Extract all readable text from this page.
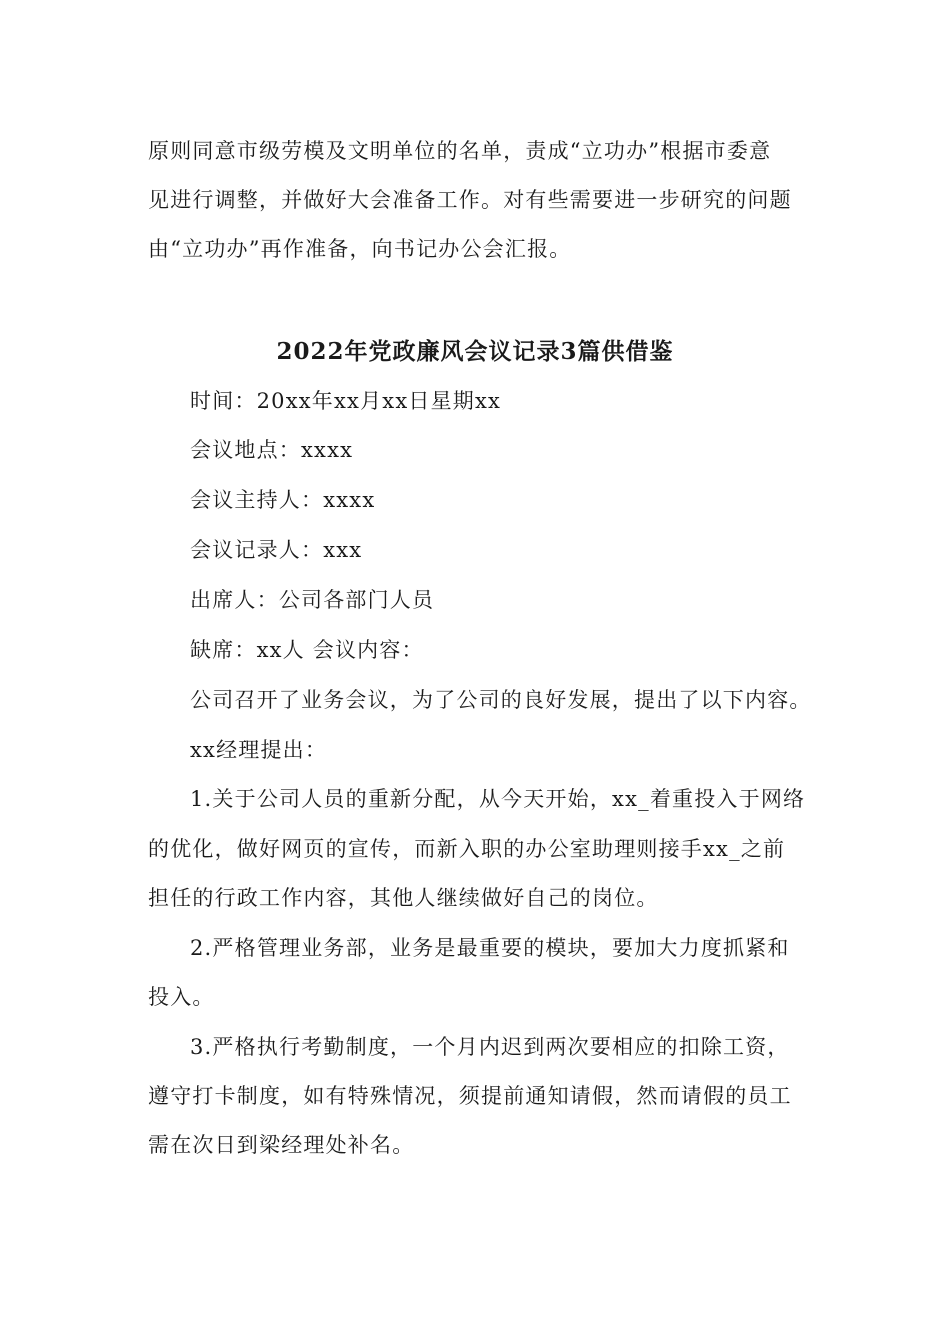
原则同意市级劳模及文明单位的名单，责成“立功办”根据市委意
见进行调整，并做好大会准备工作。对有些需要进一步研究的问题
由“立功办”再作准备，向书记办公会汇报。
2022年党政廉风会议记录3篇供借鉴
时间：20xx年xx月xx日星期xx
会议地点：xxxx
会议主持人：xxxx
会议记录人：xxx
出席人：公司各部门人员
缺席：xx人 会议内容：
公司召开了业务会议，为了公司的良好发展，提出了以下内容。
xx经理提出：
1.关于公司人员的重新分配，从今天开始，xx_着重投入于网络
的优化，做好网页的宣传，而新入职的办公室助理则接手xx_之前
担任的行政工作内容，其他人继续做好自己的岗位。
2.严格管理业务部，业务是最重要的模块，要加大力度抓紧和
投入。
3.严格执行考勤制度，一个月内迟到两次要相应的扣除工资，
遵守打卡制度，如有特殊情况，须提前通知请假，然而请假的员工
需在次日到梁经理处补名。
